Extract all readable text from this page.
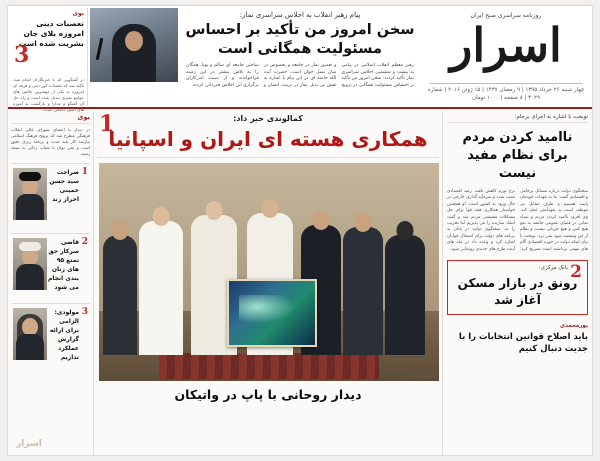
روزنامه سراسری صبح ایران
اسرار
چهار شنبه ۲۶ خرداد ۱۳۹۵ | ۹ رمضان ۱۴۳۷ | ۱۵ ژوئن ۲۰۱۶ | شماره ۳۰۲۹ | ۸ صفحه | ۱۰۰۰ تومان
پیام رهبر انقلاب به اجلاس سراسری نماز:
سخن امروز من تأکید بر احساس مسئولیت همگانی است
رهبر معظم انقلاب اسلامی در پیامی به بیست و ششمین اجلاس سراسری نماز تأکید کردند: سخن امروز من تأکید بر احساس مسئولیت همگانی در ترویج و تعمیق نماز در جامعه و بخصوص در میان نسل جوان است. حضرت آیت الله خامنه ای در این پیام با اشاره به نقش بی بدیل نماز در تربیت انسان و ساختن جامعه ای سالم و پویا، همگان را به تلاش بیشتر در این زمینه فراخواندند و از دست اندرکاران برگزاری این اجلاس قدردانی کردند.
بوی
تعصبات دینی امروزه بلای جان بشریت شده است
3
در گفتگویی که با خبرنگاران انجام شد، تأکید شد که تعصبات کور دینی و فرقه ای امروزه به یکی از مهمترین چالش های جوامع بشری تبدیل شده است و راه حل آن گفتگو و مدارا و بازگشت به آموزه های اصیل اخلاقی است.
نوبخت با اشاره به اجرای برجام:
ناامید کردن مردم برای نظام مفید نیست
سخنگوی دولت درباره مسائل برجامی و اقتصادی گفت: ما به عهدات خودمان پایبند هستیم و طرف مقابل نیز موظف است به تعهداتش عمل کند. وی افزود ناامید کردن مردم و سیاه نمایی در فضای عمومی جامعه به نفع هیچ کس و هیچ جریانی نیست و نظام از این وضعیت سود نمی برد. نوبخت با بیان اینکه دولت در حوزه اقتصادی گام های مهمی برداشته است تصریح کرد: نرخ تورم کاهش یافته، رشد اقتصادی مثبت شده و سرمایه گذاری خارجی در حال ورود به کشور است. او همچنین خواستار همکاری همه قوا برای حل مشکلات معیشتی مردم شد و گفت انتقاد سازنده را می پذیریم اما تخریب را نه. سخنگوی دولت در پایان به برنامه های دولت برای اشتغال جوانان اشاره کرد و وعده داد در ماه های آینده طرح های جدیدی رونمایی شود.
2
بانک مرکزی:
رونق در بازار مسکن آغاز شد
پورمحمدی
باید اصلاح قوانین انتخابات را با جدیت دنبال کنیم
1	کمالوندی خبر داد:
همکاری هسته ای ایران و اسپانیا
عکس: ایرنا
دیدار روحانی با پاپ در واتیکان
بوی
در دیدار با اعضای شورای عالی انقلاب فرهنگی مطرح شد که ترویج فرهنگ اسلامی نیازمند کار بلند مدت و برنامه ریزی دقیق است و نمی توان با شتاب زدگی به نتیجه رسید.
1
صراحت سید حسن خمینی احراز زند
2
قاضی سرکار حق تمتع ۹۵ های زنان بندی انجام می شود
3
مولودی: الزامی برای ارائه گزارش عملکرد نداریم
اسرار
